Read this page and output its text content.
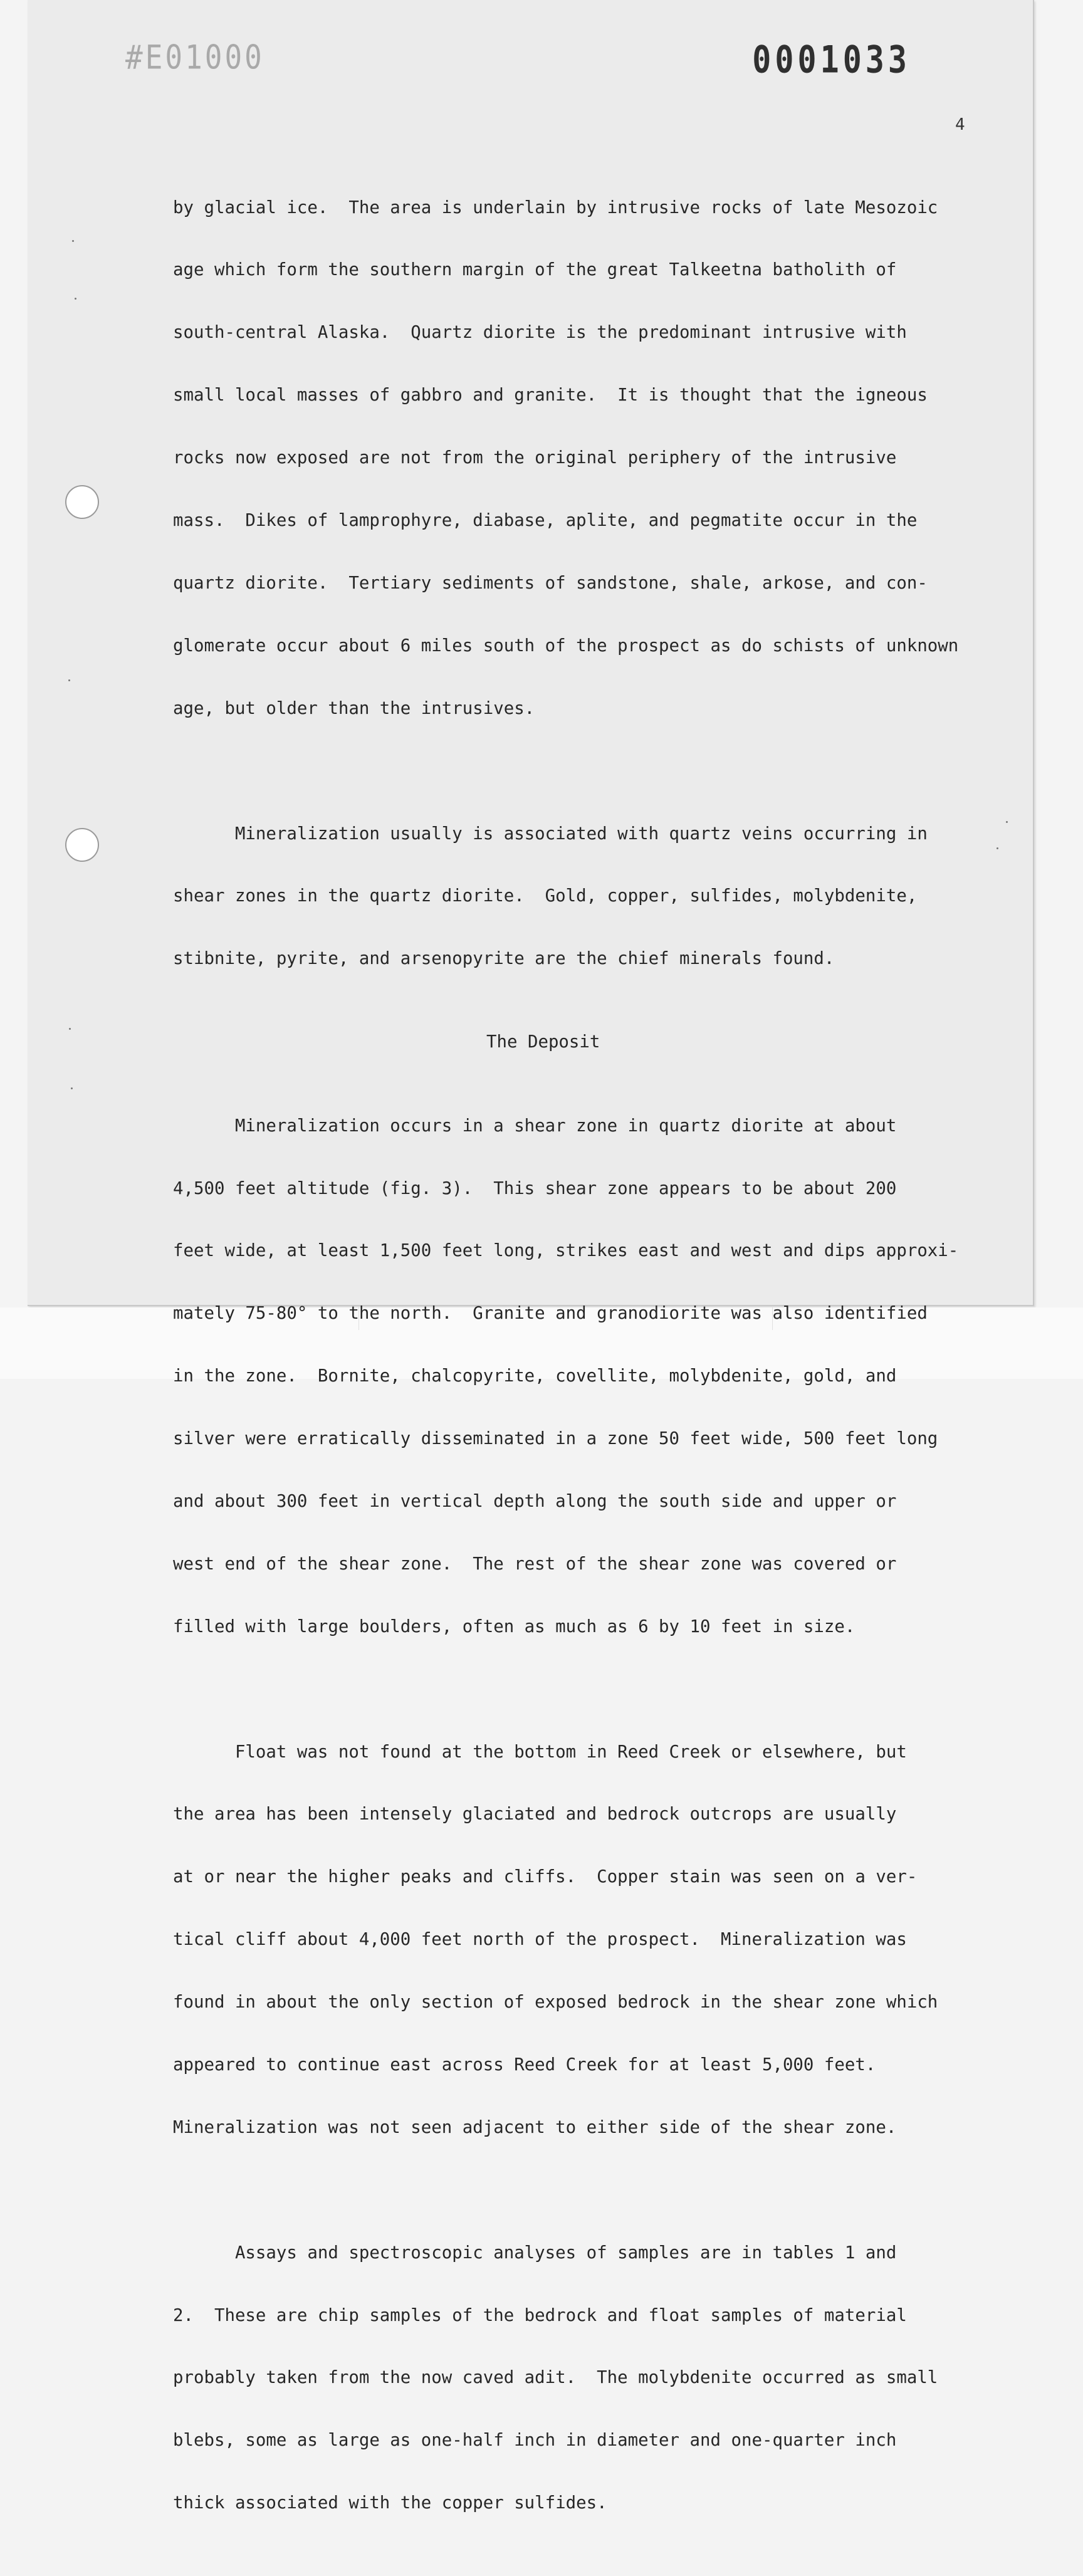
#E01000	0001033
4

by glacial ice.  The area is underlain by intrusive rocks of late Mesozoic

age which form the southern margin of the great Talkeetna batholith of

south-central Alaska.  Quartz diorite is the predominant intrusive with

small local masses of gabbro and granite.  It is thought that the igneous

rocks now exposed are not from the original periphery of the intrusive

mass.  Dikes of lamprophyre, diabase, aplite, and pegmatite occur in the

quartz diorite.  Tertiary sediments of sandstone, shale, arkose, and con-

glomerate occur about 6 miles south of the prospect as do schists of unknown

age, but older than the intrusives.

Mineralization usually is associated with quartz veins occurring in

shear zones in the quartz diorite.  Gold, copper, sulfides, molybdenite,

stibnite, pyrite, and arsenopyrite are the chief minerals found.

The Deposit

Mineralization occurs in a shear zone in quartz diorite at about

4,500 feet altitude (fig. 3).  This shear zone appears to be about 200

feet wide, at least 1,500 feet long, strikes east and west and dips approxi-

mately 75-80° to the north.  Granite and granodiorite was also identified

in the zone.  Bornite, chalcopyrite, covellite, molybdenite, gold, and

silver were erratically disseminated in a zone 50 feet wide, 500 feet long

and about 300 feet in vertical depth along the south side and upper or

west end of the shear zone.  The rest of the shear zone was covered or

filled with large boulders, often as much as 6 by 10 feet in size.

Float was not found at the bottom in Reed Creek or elsewhere, but

the area has been intensely glaciated and bedrock outcrops are usually

at or near the higher peaks and cliffs.  Copper stain was seen on a ver-

tical cliff about 4,000 feet north of the prospect.  Mineralization was

found in about the only section of exposed bedrock in the shear zone which

appeared to continue east across Reed Creek for at least 5,000 feet.

Mineralization was not seen adjacent to either side of the shear zone.

Assays and spectroscopic analyses of samples are in tables 1 and

2.  These are chip samples of the bedrock and float samples of material

probably taken from the now caved adit.  The molybdenite occurred as small

blebs, some as large as one-half inch in diameter and one-quarter inch

thick associated with the copper sulfides.
